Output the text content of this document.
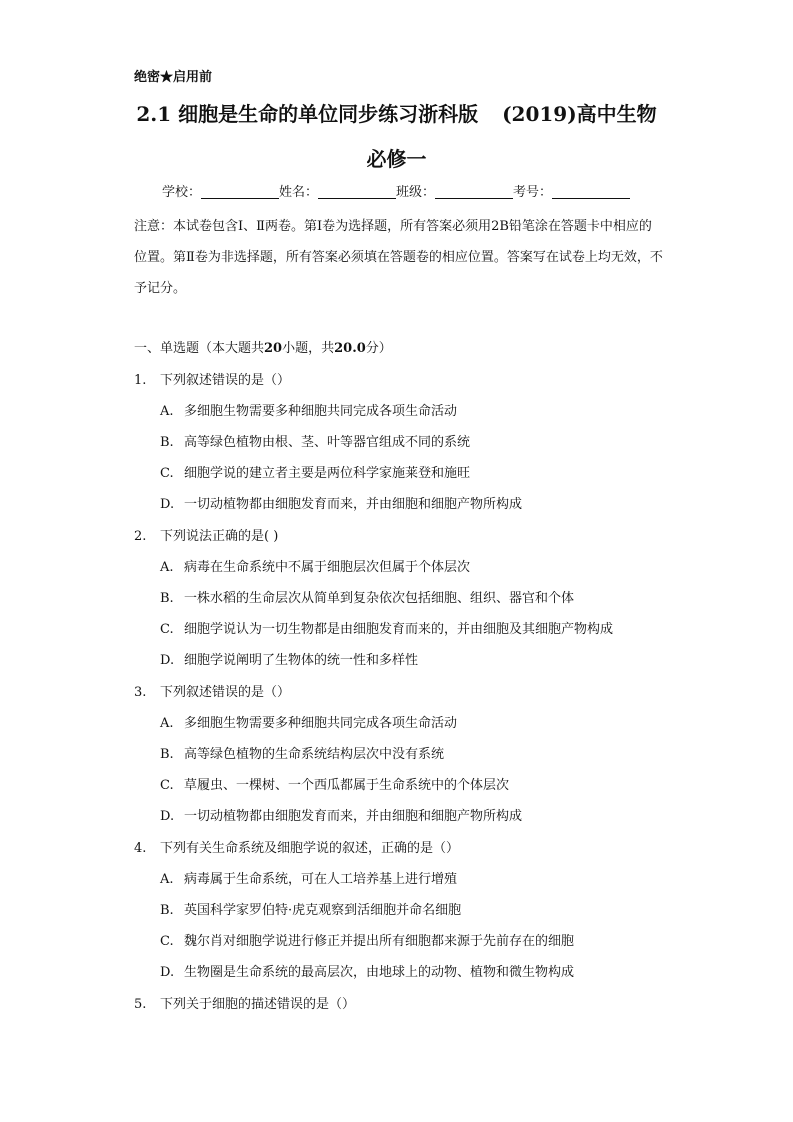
绝密★启用前
2.1 细胞是生命的单位同步练习浙科版 (2019)高中生物
必修一
学校：	姓名：	班级：	考号：
注意：本试卷包含Ⅰ、Ⅱ两卷。第Ⅰ卷为选择题，所有答案必须用2B铅笔涂在答题卡中相应的位置。第Ⅱ卷为非选择题，所有答案必须填在答题卷的相应位置。答案写在试卷上均无效，不予记分。
一、单选题（本大题共20小题，共20.0分）
1. 下列叙述错误的是（）
A. 多细胞生物需要多种细胞共同完成各项生命活动
B. 高等绿色植物由根、茎、叶等器官组成不同的系统
C. 细胞学说的建立者主要是两位科学家施莱登和施旺
D. 一切动植物都由细胞发育而来，并由细胞和细胞产物所构成
2. 下列说法正确的是( )
A. 病毒在生命系统中不属于细胞层次但属于个体层次
B. 一株水稻的生命层次从简单到复杂依次包括细胞、组织、器官和个体
C. 细胞学说认为一切生物都是由细胞发育而来的，并由细胞及其细胞产物构成
D. 细胞学说阐明了生物体的统一性和多样性
3. 下列叙述错误的是（）
A. 多细胞生物需要多种细胞共同完成各项生命活动
B. 高等绿色植物的生命系统结构层次中没有系统
C. 草履虫、一棵树、一个西瓜都属于生命系统中的个体层次
D. 一切动植物都由细胞发育而来，并由细胞和细胞产物所构成
4. 下列有关生命系统及细胞学说的叙述，正确的是（）
A. 病毒属于生命系统，可在人工培养基上进行增殖
B. 英国科学家罗伯特·虎克观察到活细胞并命名细胞
C. 魏尔肖对细胞学说进行修正并提出所有细胞都来源于先前存在的细胞
D. 生物圈是生命系统的最高层次，由地球上的动物、植物和微生物构成
5. 下列关于细胞的描述错误的是（）
